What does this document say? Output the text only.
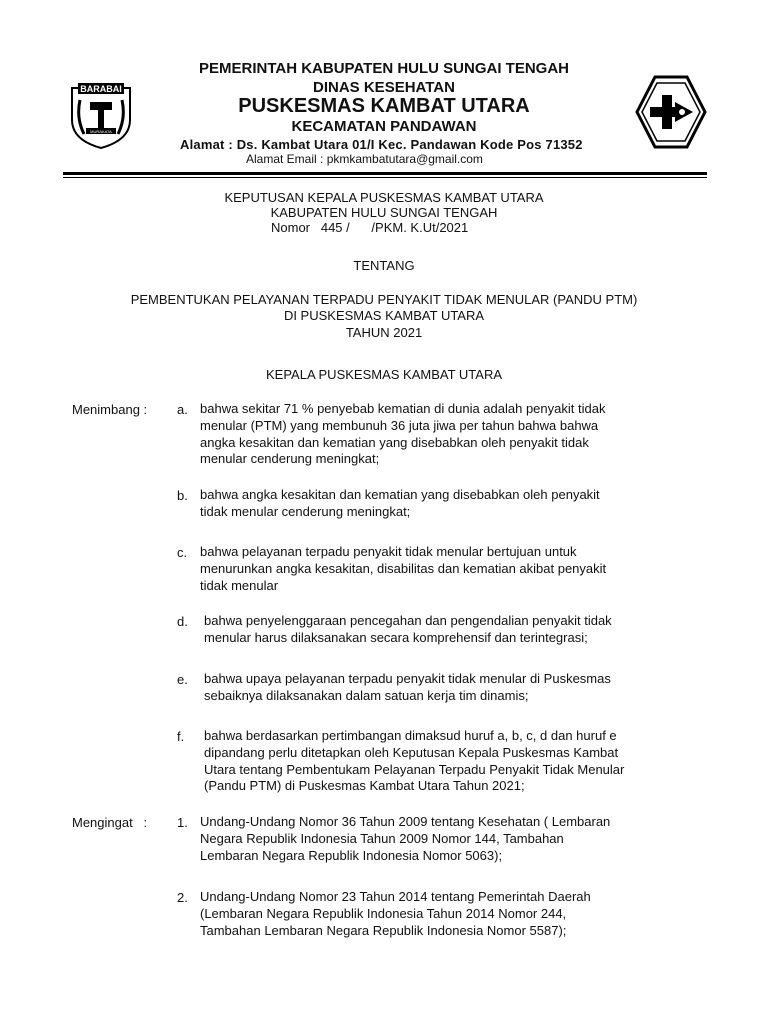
BARABAI
MURAKATA
PEMERINTAH KABUPATEN HULU SUNGAI TENGAH
DINAS KESEHATAN
PUSKESMAS KAMBAT UTARA
KECAMATAN PANDAWAN
Alamat : Ds. Kambat Utara 01/I Kec. Pandawan Kode Pos 71352
Alamat Email : pkmkambatutara@gmail.com
KEPUTUSAN KEPALA PUSKESMAS KAMBAT UTARA
KABUPATEN HULU SUNGAI TENGAH
Nomor   445 /      /PKM. K.Ut/2021
TENTANG
PEMBENTUKAN PELAYANAN TERPADU PENYAKIT TIDAK MENULAR (PANDU PTM)
DI PUSKESMAS KAMBAT UTARA
TAHUN 2021
KEPALA PUSKESMAS KAMBAT UTARA
Menimbang : a. bahwa sekitar 71 % penyebab kematian di dunia adalah penyakit tidak
menular (PTM) yang membunuh 36 juta jiwa per tahun bahwa bahwa
angka kesakitan dan kematian yang disebabkan oleh penyakit tidak
menular cenderung meningkat;
b. bahwa angka kesakitan dan kematian yang disebabkan oleh penyakit
tidak menular cenderung meningkat;
c. bahwa pelayanan terpadu penyakit tidak menular bertujuan untuk
menurunkan angka kesakitan, disabilitas dan kematian akibat penyakit
tidak menular
d. bahwa penyelenggaraan pencegahan dan pengendalian penyakit tidak
menular harus dilaksanakan secara komprehensif dan terintegrasi;
e. bahwa upaya pelayanan terpadu penyakit tidak menular di Puskesmas
sebaiknya dilaksanakan dalam satuan kerja tim dinamis;
f. bahwa berdasarkan pertimbangan dimaksud huruf a, b, c, d dan huruf e
dipandang perlu ditetapkan oleh Keputusan Kepala Puskesmas Kambat
Utara tentang Pembentukam Pelayanan Terpadu Penyakit Tidak Menular
(Pandu PTM) di Puskesmas Kambat Utara Tahun 2021;
Mengingat   : 1. Undang-Undang Nomor 36 Tahun 2009 tentang Kesehatan ( Lembaran
Negara Republik Indonesia Tahun 2009 Nomor 144, Tambahan
Lembaran Negara Republik Indonesia Nomor 5063);
2. Undang-Undang Nomor 23 Tahun 2014 tentang Pemerintah Daerah
(Lembaran Negara Republik Indonesia Tahun 2014 Nomor 244,
Tambahan Lembaran Negara Republik Indonesia Nomor 5587);
